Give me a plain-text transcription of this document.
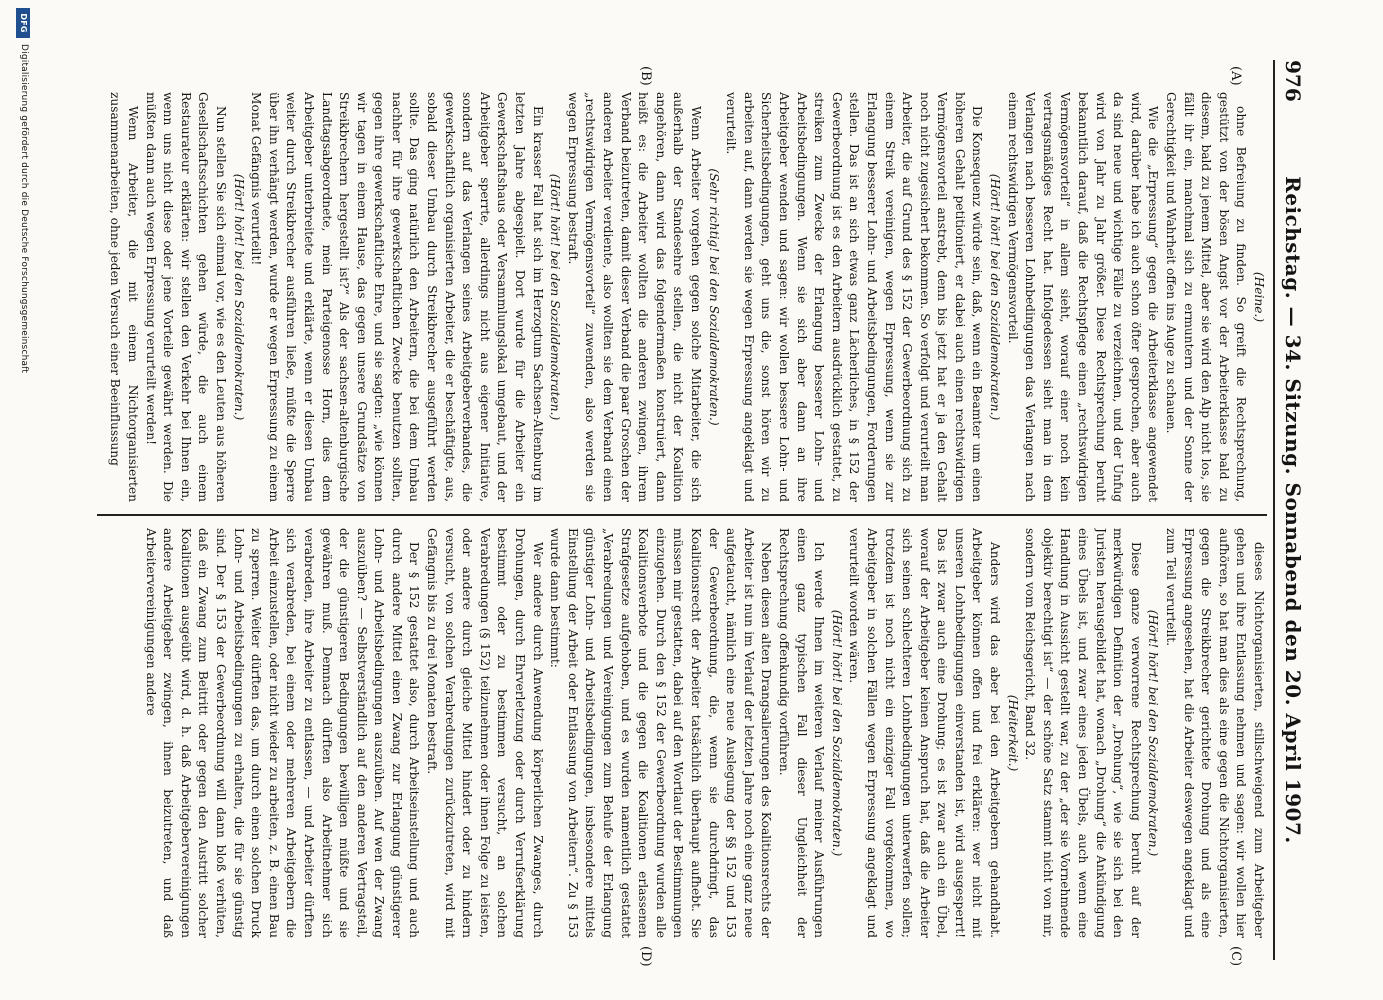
976
Reichstag. — 34. Sitzung. Sonnabend den 20. April 1907.
(A)
(B)
(C)
(D)

(Heine.)

ohne Befreiung zu finden. So greift die Rechtsprechung, gestützt von der bösen Angst vor der Arbeiterklasse bald zu diesem, bald zu jenem Mittel, aber sie wird den Alp nicht los, sie fällt ihr ein, manchmal sich zu ermuntern und der Sonne der Gerechtigkeit und Wahrheit offen ins Auge zu schauen.

Wie die „Erpressung“ gegen die Arbeiterklasse angewendet wird, darüber habe ich auch schon öfter gesprochen, aber auch da sind neue und wichtige Fälle zu verzeichnen, und der Unfug wird von Jahr zu Jahr größer. Diese Rechtsprechung beruht bekanntlich darauf, daß die Rechtspflege einen „rechtswidrigen Vermögensvorteil“ in allem sieht, worauf einer noch kein vertragsmäßiges Recht hat. Infolgedessen sieht man in dem Verlangen nach besseren Lohnbedingungen das Verlangen nach einem rechtswidrigen Vermögensvorteil.

(Hört! hört! bei den Sozialdemokraten.)

Die Konsequenz würde sein, daß, wenn ein Beamter um einen höheren Gehalt petitioniert, er dabei auch einen rechtswidrigen Vermögensvorteil anstrebt, denn bis jetzt hat er ja den Gehalt noch nicht zugesichert bekommen. So verfolgt und verurteilt man Arbeiter, die auf Grund des § 152 der Gewerbeordnung sich zu einem Streik vereinigen, wegen Erpressung, wenn sie zur Erlangung besserer Lohn- und Arbeitsbedingungen, Forderungen stellen. Das ist an sich etwas ganz Lächerliches, in § 152 der Gewerbeordnung ist es den Arbeitern ausdrücklich gestattet, zu streiken zum Zwecke der Erlangung besserer Lohn- und Arbeitsbedingungen. Wenn sie sich aber dann an ihre Arbeitgeber wenden und sagen: wir wollen bessere Lohn- und Sicherheitsbedingungen, geht uns die, sonst hören wir zu arbeiten auf, dann werden sie wegen Erpressung angeklagt und verurteilt.

(Sehr richtig! bei den Sozialdemokraten.)

Wenn Arbeiter vorgehen gegen solche Mitarbeiter, die sich außerhalb der Standesehre stellen, die nicht der Koalition angehören, dann wird das folgendermaßen konstruiert, dann heißt es: die Arbeiter wollten die anderen zwingen, ihrem Verband beizutreten, damit dieser Verband die paar Groschen der anderen Arbeiter verdiente, also wollten sie dem Verband einen „rechtswidrigen Vermögensvorteil“ zuwenden, also werden sie wegen Erpressung bestraft.

(Hört! hört! bei den Sozialdemokraten.)

Ein krasser Fall hat sich im Herzogtum Sachsen-Altenburg im letzten Jahre abgespielt. Dort wurde für die Arbeiter ein Gewerkschaftshaus oder Versammlungslokal umgebaut, und der Arbeitgeber sperrte, allerdings nicht aus eigener Initiative, sondern auf das Verlangen seines Arbeitgeberverbandes, die gewerkschaftlich organisierten Arbeiter, die er beschäftigte, aus, sobald dieser Umbau durch Streikbrecher ausgeführt werden sollte. Das ging natürlich den Arbeitern, die bei dem Umbau nachher für ihre gewerkschaftlichen Zwecke benutzen sollten, gegen ihre gewerkschaftliche Ehre, und sie sagten: „wie können wir tagen in einem Hause, das gegen unsere Grundsätze von Streikbrechern hergestellt ist?“ Als der sachsen-altenburgische Landtagsabgeordnete, mein Parteigenosse Horn, dies dem Arbeitgeber unterbreitete und erklärte, wenn er diesen Umbau weiter durch Streikbrecher ausführen ließe, müßte die Sperre über ihn verhängt werden, wurde er wegen Erpressung zu einem Monat Gefängnis verurteilt!

(Hört! hört! bei den Sozialdemokraten.)

Nun stellen Sie sich einmal vor, wie es den Leuten aus höheren Gesellschaftsschichten gehen würde, die auch einem Restaurateur erklärten: wir stellen den Verkehr bei Ihnen ein, wenn uns nicht diese oder jene Vorteile gewährt werden. Die müßten dann auch wegen Erpressung verurteilt werden!

Wenn Arbeiter, die mit einem Nichtorganisierten zusammenarbeiten, ohne jeden Versuch einer Beeinflussung

dieses Nichtorganisierten, stillschweigend zum Arbeitgeber gehen und ihre Entlassung nehmen und sagen: wir wollen hier aufhören, so hat man dies als eine gegen die Nichtorganisierten, gegen die Streikbrecher gerichtete Drohung und als eine Erpressung angesehen, hat die Arbeiter deswegen angeklagt und zum Teil verurteilt.

(Hört! hört! bei den Sozialdemokraten.)

Diese ganze verworrene Rechtsprechung beruht auf der merkwürdigen Definition der „Drohung“, wie sie sich bei den Juristen herausgebildet hat, wonach „Drohung“ die Ankündigung eines Übels ist, und zwar eines jeden Übels, auch wenn eine Handlung in Aussicht gestellt war, zu der „der sie Vornehmende objektiv berechtigt ist“ — der schöne Satz stammt nicht von mir, sondern vom Reichsgericht, Band 32.

(Heiterkeit.)

Anders wird das aber bei den Arbeitgebern gehandhabt. Arbeitgeber können offen und frei erklären: wer nicht mit unseren Lohnbedingungen einverstanden ist, wird ausgesperrt! Das ist zwar auch eine Drohung; es ist zwar auch ein Übel, worauf der Arbeitgeber keinen Anspruch hat, daß die Arbeiter sich seinen schlechteren Lohnbedingungen unterwerfen sollen; trotzdem ist noch nicht ein einziger Fall vorgekommen, wo Arbeitgeber in solchen Fällen wegen Erpressung angeklagt und verurteilt worden wären.

(Hört! hört! bei den Sozialdemokraten.)

Ich werde Ihnen im weiteren Verlauf meiner Ausführungen einen ganz typischen Fall dieser Ungleichheit der Rechtsprechung offenkundig vorführen.

Neben diesen alten Drangsalierungen des Koalitionsrechts der Arbeiter ist nun im Verlauf der letzten Jahre noch eine ganz neue aufgetaucht, nämlich eine neue Auslegung der §§ 152 und 153 der Gewerbeordnung, die, wenn sie durchdringt, das Koalitionsrecht der Arbeiter tatsächlich überhaupt aufhebt. Sie müssen mir gestatten, dabei auf den Wortlaut der Bestimmungen einzugehen. Durch den § 152 der Gewerbeordnung wurden alle Koalitionsverbote und die gegen die Koalitionen erlassenen Strafgesetze aufgehoben, und es wurden namentlich gestattet „Verabredungen und Vereinigungen zum Behufe der Erlangung günstiger Lohn- und Arbeitsbedingungen, insbesondere mittels Einstellung der Arbeit oder Entlassung von Arbeitern“. Zu § 153 wurde dann bestimmt:

Wer andere durch Anwendung körperlichen Zwanges, durch Drohungen, durch Ehrverletzung oder durch Verrufserklärung bestimmt oder zu bestimmen versucht, an solchen Verabredungen (§ 152) teilzunehmen oder ihnen Folge zu leisten, oder andere durch gleiche Mittel hindert oder zu hindern versucht, von solchen Verabredungen zurückzutreten, wird mit Gefängnis bis zu drei Monaten bestraft.

Der § 152 gestattet also, durch Arbeitseinstellung und auch durch andere Mittel einen Zwang zur Erlangung günstigerer Lohn- und Arbeitsbedingungen auszuüben. Auf wen der Zwang auszuüben? — Selbstverständlich auf den anderen Vertragsteil, der die günstigeren Bedingungen bewilligen müßte und sie gewähren muß. Demnach dürften also Arbeitnehmer sich verabreden, ihre Arbeiter zu entlassen, — und Arbeiter dürften sich verabreden, bei einem oder mehreren Arbeitgebern die Arbeit einzustellen, oder nicht wieder zu arbeiten, z. B. einen Bau zu sperren. Weiter dürften das, um durch einen solchen Druck Lohn- und Arbeitsbedingungen zu erhalten, die für sie günstig sind. Der § 153 der Gewerbeordnung will dann bloß verhüten, daß ein Zwang zum Beitritt oder gegen den Austritt solcher Koalitionen ausgeübt wird, d. h. daß Arbeitgebervereinigungen andere Arbeitgeber zwingen, ihnen beizutreten, und daß Arbeitervereinigungen andere

DFG
Digitalisierung gefördert durch die Deutsche Forschungsgemeinschaft
